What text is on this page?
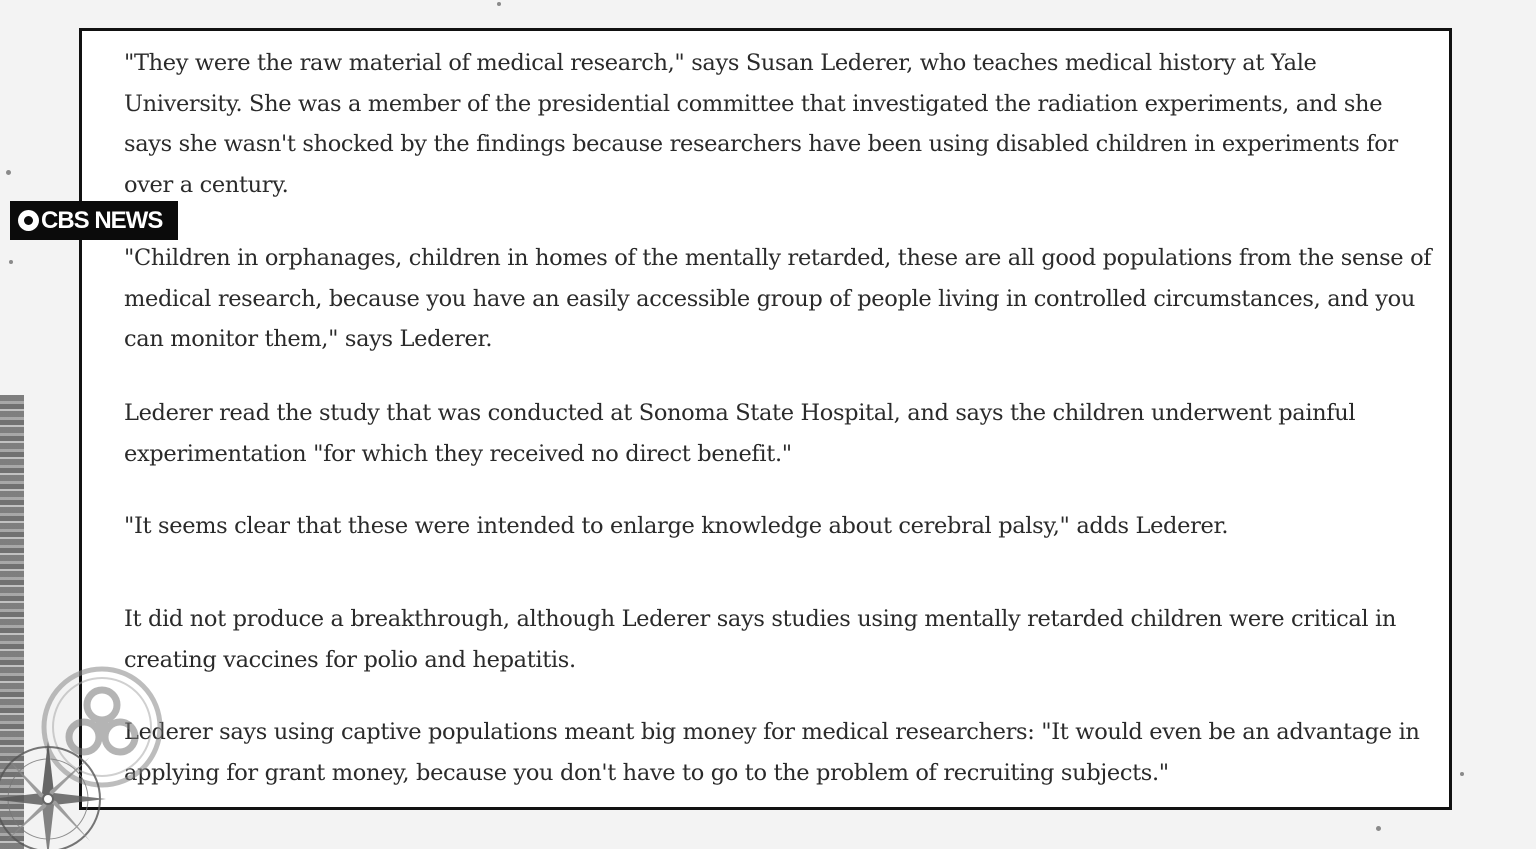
"They were the raw material of medical research," says Susan Lederer, who teaches medical history at Yale University. She was a member of the presidential committee that investigated the radiation experiments, and she says she wasn't shocked by the findings because researchers have been using disabled children in experiments for over a century.

"Children in orphanages, children in homes of the mentally retarded, these are all good populations from the sense of medical research, because you have an easily accessible group of people living in controlled circumstances, and you can monitor them," says Lederer.

Lederer read the study that was conducted at Sonoma State Hospital, and says the children underwent painful experimentation "for which they received no direct benefit."

"It seems clear that these were intended to enlarge knowledge about cerebral palsy," adds Lederer.

It did not produce a breakthrough, although Lederer says studies using mentally retarded children were critical in creating vaccines for polio and hepatitis.

Lederer says using captive populations meant big money for medical researchers: "It would even be an advantage in applying for grant money, because you don't have to go to the problem of recruiting subjects."

CBS NEWS
